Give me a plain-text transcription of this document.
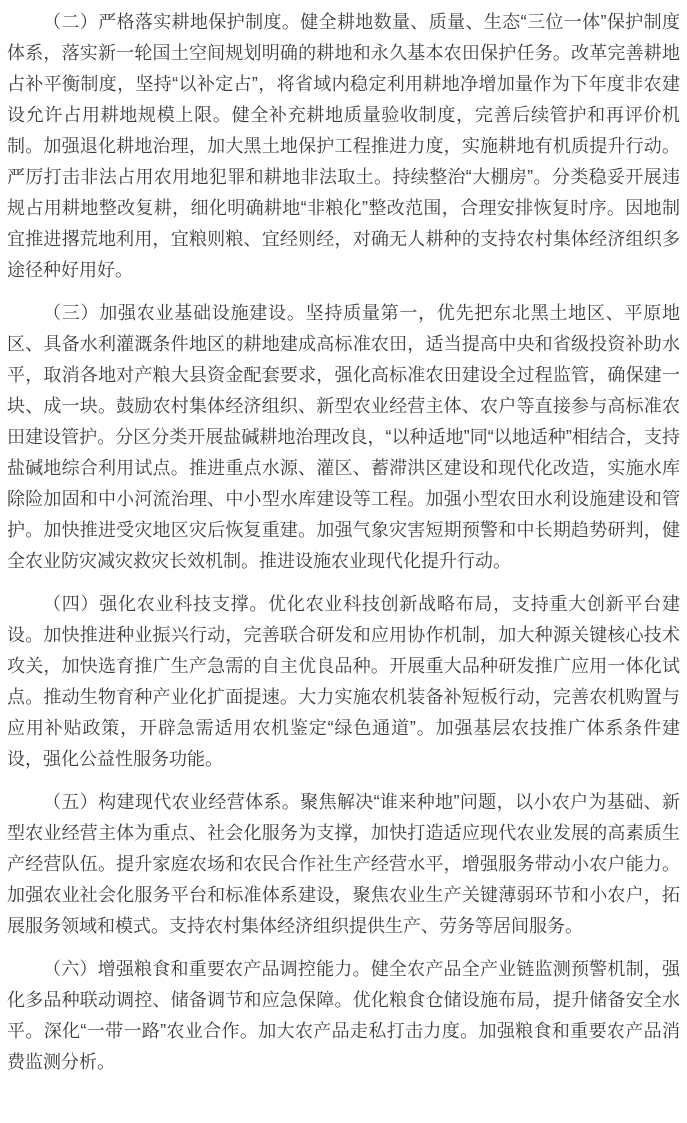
（二）严格落实耕地保护制度。健全耕地数量、质量、生态“三位一体”保护制度体系，落实新一轮国土空间规划明确的耕地和永久基本农田保护任务。改革完善耕地占补平衡制度，坚持“以补定占”，将省域内稳定利用耕地净增加量作为下年度非农建设允许占用耕地规模上限。健全补充耕地质量验收制度，完善后续管护和再评价机制。加强退化耕地治理，加大黑土地保护工程推进力度，实施耕地有机质提升行动。严厉打击非法占用农用地犯罪和耕地非法取土。持续整治“大棚房”。分类稳妥开展违规占用耕地整改复耕，细化明确耕地“非粮化”整改范围，合理安排恢复时序。因地制宜推进撂荒地利用，宜粮则粮、宜经则经，对确无人耕种的支持农村集体经济组织多途径种好用好。

（三）加强农业基础设施建设。坚持质量第一，优先把东北黑土地区、平原地区、具备水利灌溉条件地区的耕地建成高标准农田，适当提高中央和省级投资补助水平，取消各地对产粮大县资金配套要求，强化高标准农田建设全过程监管，确保建一块、成一块。鼓励农村集体经济组织、新型农业经营主体、农户等直接参与高标准农田建设管护。分区分类开展盐碱耕地治理改良，“以种适地”同“以地适种”相结合，支持盐碱地综合利用试点。推进重点水源、灌区、蓄滞洪区建设和现代化改造，实施水库除险加固和中小河流治理、中小型水库建设等工程。加强小型农田水利设施建设和管护。加快推进受灾地区灾后恢复重建。加强气象灾害短期预警和中长期趋势研判，健全农业防灾减灾救灾长效机制。推进设施农业现代化提升行动。

（四）强化农业科技支撑。优化农业科技创新战略布局，支持重大创新平台建设。加快推进种业振兴行动，完善联合研发和应用协作机制，加大种源关键核心技术攻关，加快选育推广生产急需的自主优良品种。开展重大品种研发推广应用一体化试点。推动生物育种产业化扩面提速。大力实施农机装备补短板行动，完善农机购置与应用补贴政策，开辟急需适用农机鉴定“绿色通道”。加强基层农技推广体系条件建设，强化公益性服务功能。

（五）构建现代农业经营体系。聚焦解决“谁来种地”问题，以小农户为基础、新型农业经营主体为重点、社会化服务为支撑，加快打造适应现代农业发展的高素质生产经营队伍。提升家庭农场和农民合作社生产经营水平，增强服务带动小农户能力。加强农业社会化服务平台和标准体系建设，聚焦农业生产关键薄弱环节和小农户，拓展服务领域和模式。支持农村集体经济组织提供生产、劳务等居间服务。

（六）增强粮食和重要农产品调控能力。健全农产品全产业链监测预警机制，强化多品种联动调控、储备调节和应急保障。优化粮食仓储设施布局，提升储备安全水平。深化“一带一路”农业合作。加大农产品走私打击力度。加强粮食和重要农产品消费监测分析。
